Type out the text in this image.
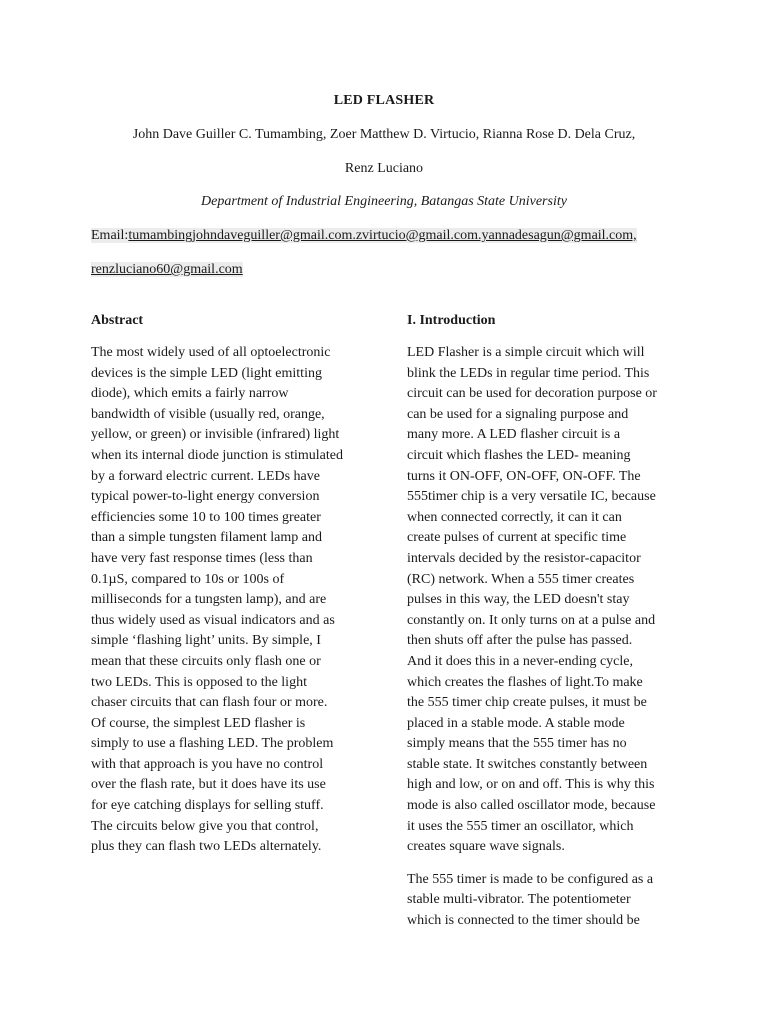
LED FLASHER
John Dave Guiller C. Tumambing, Zoer Matthew D. Virtucio, Rianna Rose D. Dela Cruz,
Renz Luciano
Department of Industrial Engineering, Batangas State University
Email:tumambingjohndaveguiller@gmail.com.zvirtucio@gmail.com.yannadesagun@gmail.com,
renzluciano60@gmail.com
Abstract
The most widely used of all optoelectronic
devices is the simple LED (light emitting
diode), which emits a fairly narrow
bandwidth of visible (usually red, orange,
yellow, or green) or invisible (infrared) light
when its internal diode junction is stimulated
by a forward electric current. LEDs have
typical power-to-light energy conversion
efficiencies some 10 to 100 times greater
than a simple tungsten filament lamp and
have very fast response times (less than
0.1µS, compared to 10s or 100s of
milliseconds for a tungsten lamp), and are
thus widely used as visual indicators and as
simple ‘flashing light’ units. By simple, I
mean that these circuits only flash one or
two LEDs. This is opposed to the light
chaser circuits that can flash four or more.
Of course, the simplest LED flasher is
simply to use a flashing LED. The problem
with that approach is you have no control
over the flash rate, but it does have its use
for eye catching displays for selling stuff.
The circuits below give you that control,
plus they can flash two LEDs alternately.
I. Introduction
LED Flasher is a simple circuit which will
blink the LEDs in regular time period. This
circuit can be used for decoration purpose or
can be used for a signaling purpose and
many more. A LED flasher circuit is a
circuit which flashes the LED- meaning
turns it ON-OFF, ON-OFF, ON-OFF. The
555timer chip is a very versatile IC, because
when connected correctly, it can it can
create pulses of current at specific time
intervals decided by the resistor-capacitor
(RC) network. When a 555 timer creates
pulses in this way, the LED doesn't stay
constantly on. It only turns on at a pulse and
then shuts off after the pulse has passed.
And it does this in a never-ending cycle,
which creates the flashes of light.To make
the 555 timer chip create pulses, it must be
placed in a stable mode. A stable mode
simply means that the 555 timer has no
stable state. It switches constantly between
high and low, or on and off. This is why this
mode is also called oscillator mode, because
it uses the 555 timer an oscillator, which
creates square wave signals.
The 555 timer is made to be configured as a
stable multi-vibrator. The potentiometer
which is connected to the timer should be
